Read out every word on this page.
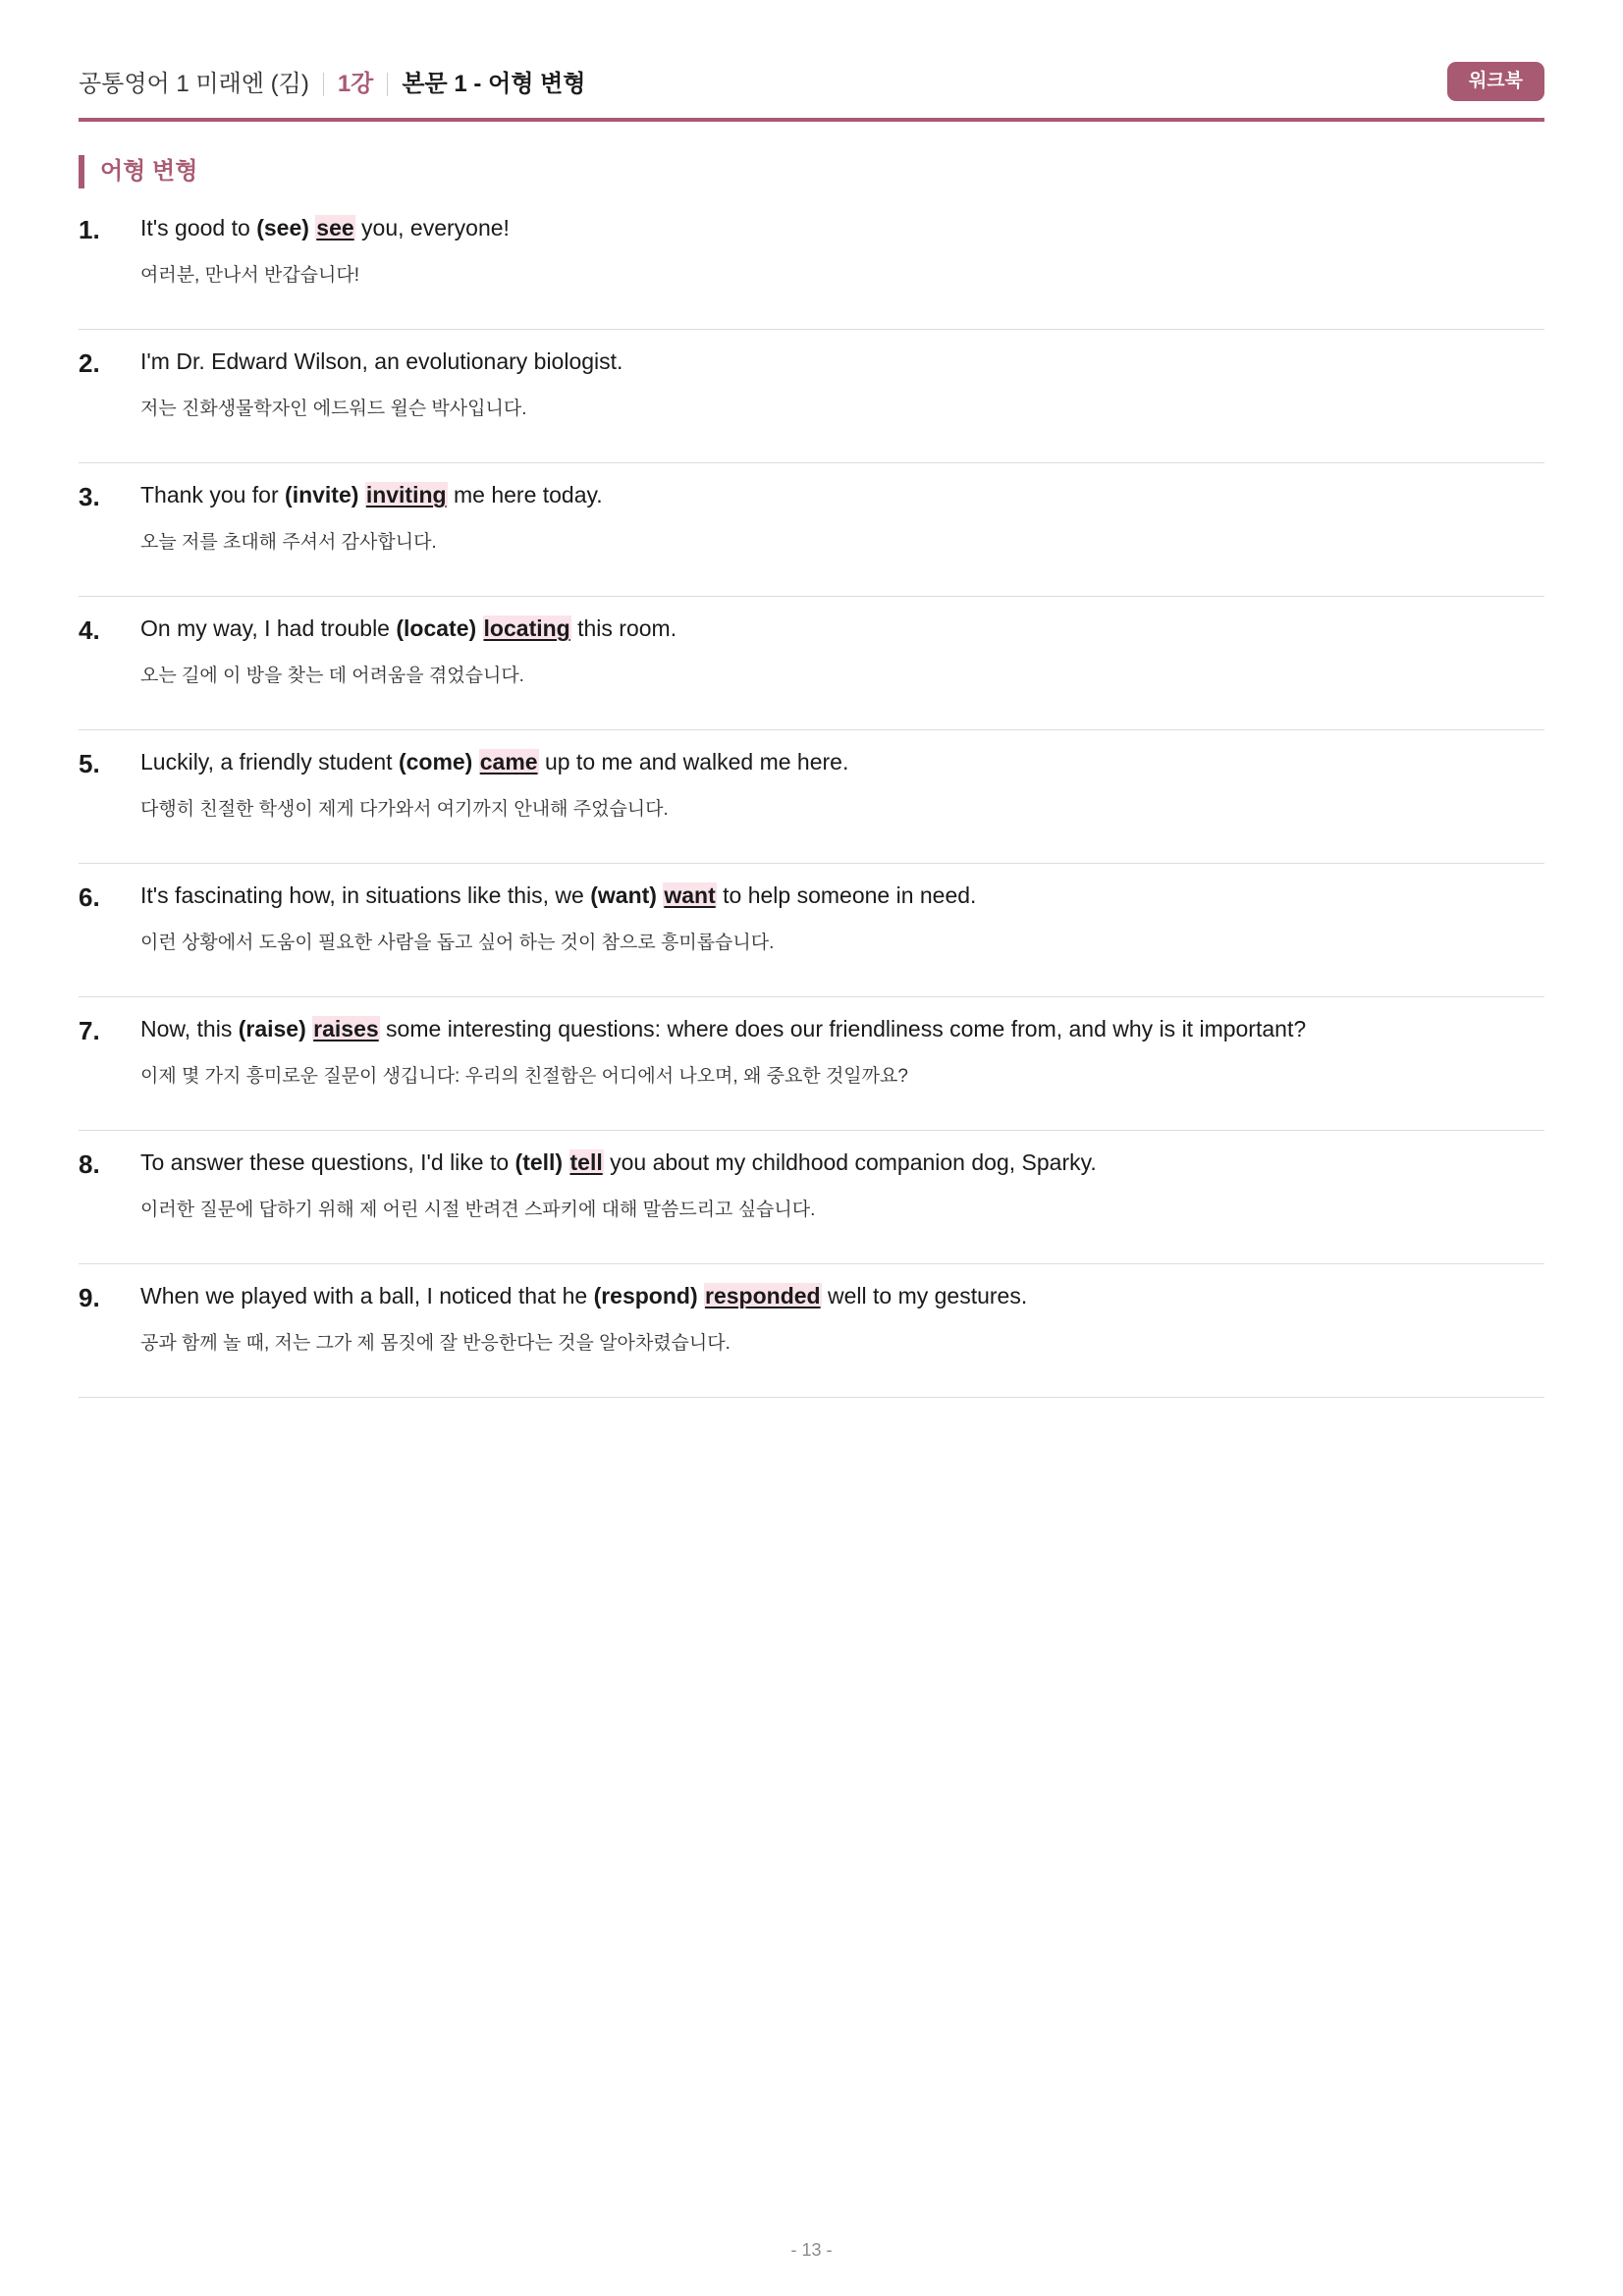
공통영어 1 미래엔 (김) 1강 본문 1 - 어형 변형	워크북
어형 변형
1.	It's good to (see) see you, everyone!
여러분, 만나서 반갑습니다!
2.	I'm Dr. Edward Wilson, an evolutionary biologist.
저는 진화생물학자인 에드워드 윌슨 박사입니다.
3.	Thank you for (invite) inviting me here today.
오늘 저를 초대해 주셔서 감사합니다.
4.	On my way, I had trouble (locate) locating this room.
오는 길에 이 방을 찾는 데 어려움을 겪었습니다.
5.	Luckily, a friendly student (come) came up to me and walked me here.
다행히 친절한 학생이 제게 다가와서 여기까지 안내해 주었습니다.
6.	It's fascinating how, in situations like this, we (want) want to help someone in need.
이런 상황에서 도움이 필요한 사람을 돕고 싶어 하는 것이 참으로 흥미롭습니다.
7.	Now, this (raise) raises some interesting questions: where does our friendliness come from, and why is it important?
이제 몇 가지 흥미로운 질문이 생깁니다: 우리의 친절함은 어디에서 나오며, 왜 중요한 것일까요?
8.	To answer these questions, I'd like to (tell) tell you about my childhood companion dog, Sparky.
이러한 질문에 답하기 위해 제 어린 시절 반려견 스파키에 대해 말씀드리고 싶습니다.
9.	When we played with a ball, I noticed that he (respond) responded well to my gestures.
공과 함께 놀 때, 저는 그가 제 몸짓에 잘 반응한다는 것을 알아차렸습니다.
- 13 -
